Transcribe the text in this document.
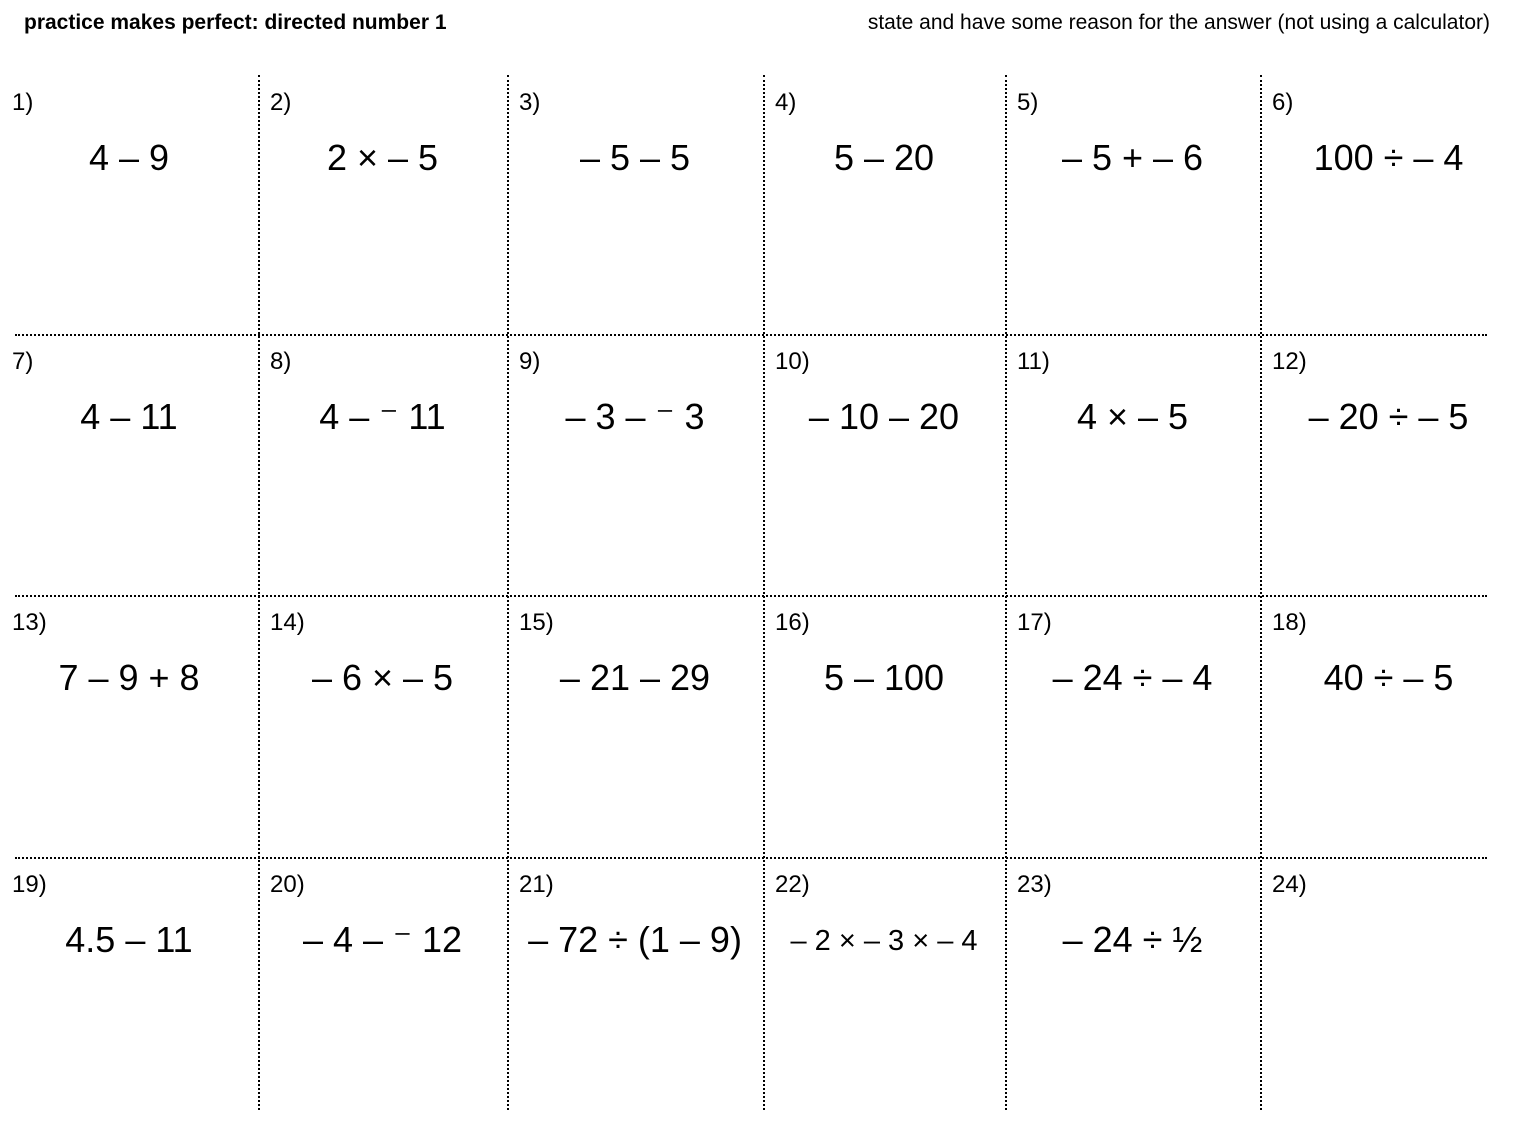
practice makes perfect: directed number 1	state and have some reason for the answer (not using a calculator)
1)
4 – 9
2)
2 × – 5
3)
– 5 – 5
4)
5 – 20
5)
– 5 + – 6
6)
100 ÷ – 4
7)
4 – 11
8)
4 – ⁻ 11
9)
– 3 – ⁻ 3
10)
– 10 – 20
11)
4 × – 5
12)
– 20 ÷ – 5
13)
7 – 9 + 8
14)
– 6 × – 5
15)
– 21 – 29
16)
5 – 100
17)
– 24 ÷ – 4
18)
40 ÷ – 5
19)
4.5 – 11
20)
– 4 – ⁻ 12
21)
– 72 ÷ (1 – 9)
22)
– 2 × – 3 × – 4
23)
– 24 ÷ ½
24)
